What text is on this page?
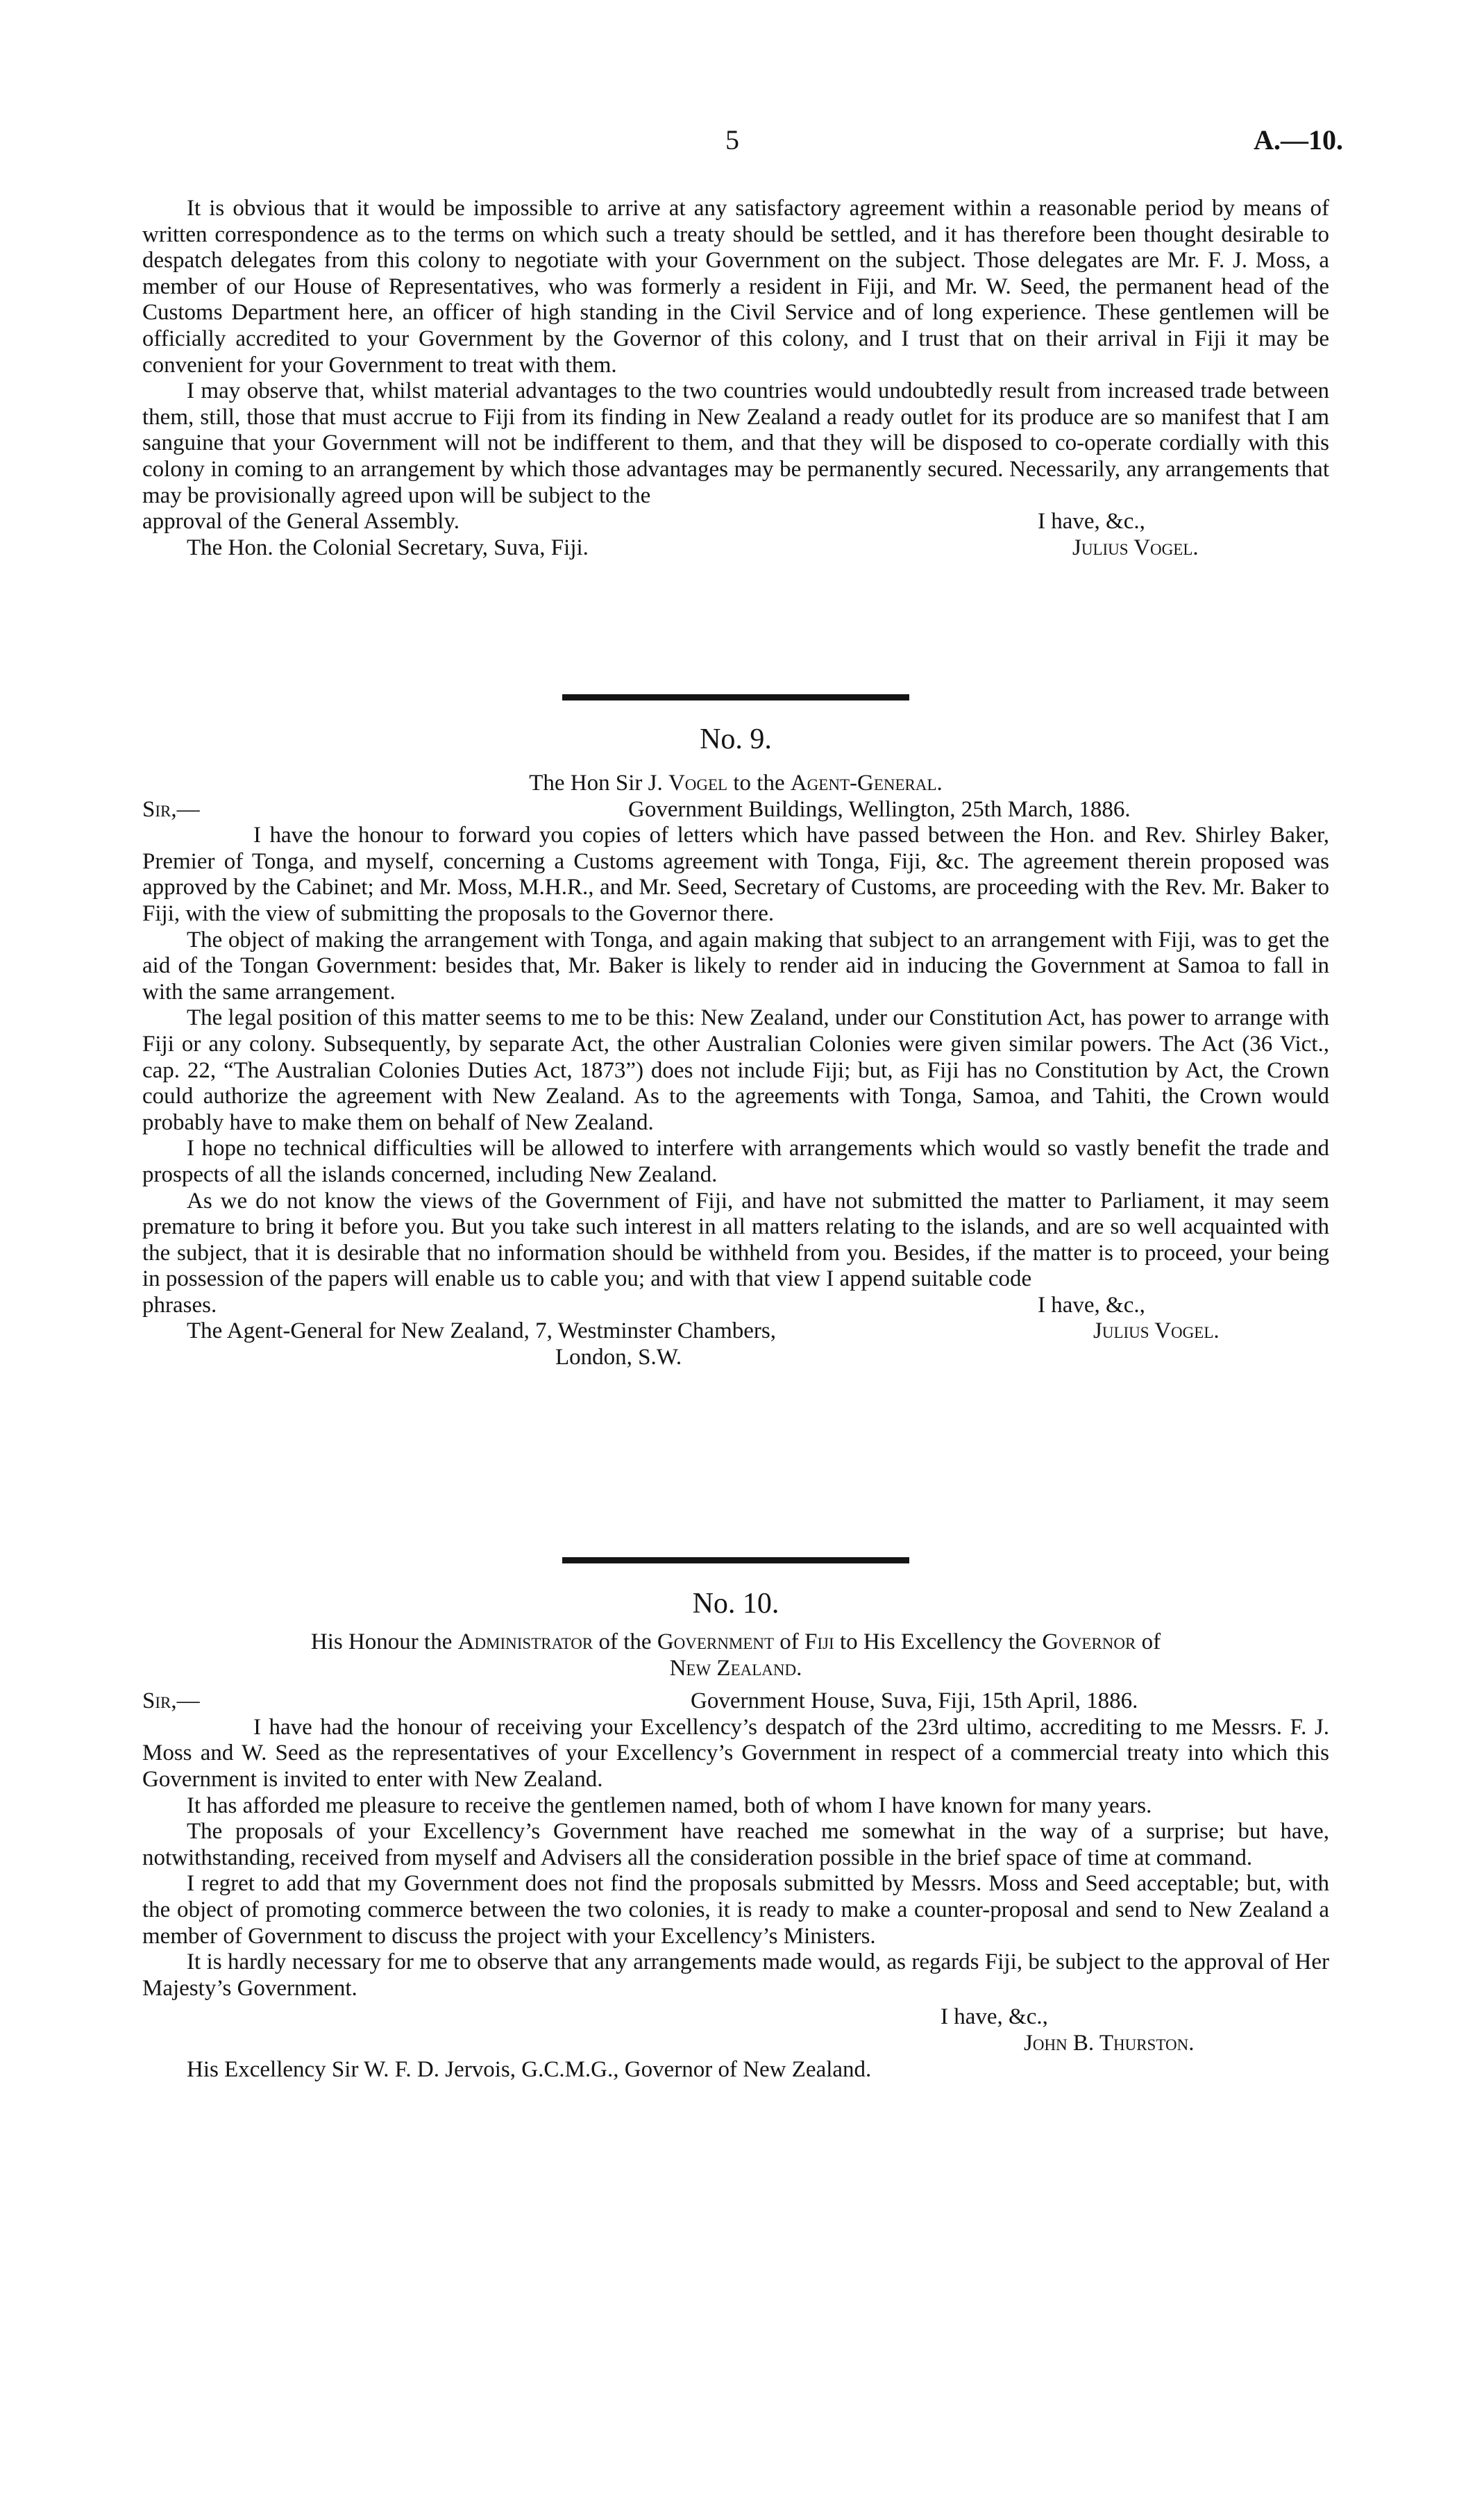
5	A.—10.

It is obvious that it would be impossible to arrive at any satisfactory agreement within a reasonable period by means of written correspondence as to the terms on which such a treaty should be settled, and it has therefore been thought desirable to despatch delegates from this colony to negotiate with your Government on the subject. Those delegates are Mr. F. J. Moss, a member of our House of Representatives, who was formerly a resident in Fiji, and Mr. W. Seed, the permanent head of the Customs Department here, an officer of high standing in the Civil Service and of long experience. These gentlemen will be officially accredited to your Government by the Governor of this colony, and I trust that on their arrival in Fiji it may be convenient for your Government to treat with them.

I may observe that, whilst material advantages to the two countries would undoubtedly result from increased trade between them, still, those that must accrue to Fiji from its finding in New Zealand a ready outlet for its produce are so manifest that I am sanguine that your Government will not be indifferent to them, and that they will be disposed to co-operate cordially with this colony in coming to an arrangement by which those advantages may be permanently secured. Necessarily, any arrangements that may be provisionally agreed upon will be subject to the

approval of the General Assembly.	I have, &c.,
The Hon. the Colonial Secretary, Suva, Fiji.	Julius Vogel.
No. 9.
The Hon Sir J. Vogel to the Agent-General.
Sir,—	Government Buildings, Wellington, 25th March, 1886.

I have the honour to forward you copies of letters which have passed between the Hon. and Rev. Shirley Baker, Premier of Tonga, and myself, concerning a Customs agreement with Tonga, Fiji, &c. The agreement therein proposed was approved by the Cabinet; and Mr. Moss, M.H.R., and Mr. Seed, Secretary of Customs, are proceeding with the Rev. Mr. Baker to Fiji, with the view of submitting the proposals to the Governor there.

The object of making the arrangement with Tonga, and again making that subject to an arrangement with Fiji, was to get the aid of the Tongan Government: besides that, Mr. Baker is likely to render aid in inducing the Government at Samoa to fall in with the same arrangement.

The legal position of this matter seems to me to be this: New Zealand, under our Constitution Act, has power to arrange with Fiji or any colony. Subsequently, by separate Act, the other Australian Colonies were given similar powers. The Act (36 Vict., cap. 22, “The Australian Colonies Duties Act, 1873”) does not include Fiji; but, as Fiji has no Constitution by Act, the Crown could authorize the agreement with New Zealand. As to the agreements with Tonga, Samoa, and Tahiti, the Crown would probably have to make them on behalf of New Zealand.

I hope no technical difficulties will be allowed to interfere with arrangements which would so vastly benefit the trade and prospects of all the islands concerned, including New Zealand.

As we do not know the views of the Government of Fiji, and have not submitted the matter to Parliament, it may seem premature to bring it before you. But you take such interest in all matters relating to the islands, and are so well acquainted with the subject, that it is desirable that no information should be withheld from you. Besides, if the matter is to proceed, your being in possession of the papers will enable us to cable you; and with that view I append suitable code

phrases.	I have, &c.,
The Agent-General for New Zealand, 7, Westminster Chambers,	Julius Vogel.
London, S.W.
No. 10.
His Honour the Administrator of the Government of Fiji to His Excellency the Governor of
New Zealand.
Sir,—	Government House, Suva, Fiji, 15th April, 1886.

I have had the honour of receiving your Excellency’s despatch of the 23rd ultimo, accrediting to me Messrs. F. J. Moss and W. Seed as the representatives of your Excellency’s Government in respect of a commercial treaty into which this Government is invited to enter with New Zealand.

It has afforded me pleasure to receive the gentlemen named, both of whom I have known for many years.

The proposals of your Excellency’s Government have reached me somewhat in the way of a surprise; but have, notwithstanding, received from myself and Advisers all the consideration possible in the brief space of time at command.

I regret to add that my Government does not find the proposals submitted by Messrs. Moss and Seed acceptable; but, with the object of promoting commerce between the two colonies, it is ready to make a counter-proposal and send to New Zealand a member of Government to discuss the project with your Excellency’s Ministers.

It is hardly necessary for me to observe that any arrangements made would, as regards Fiji, be subject to the approval of Her Majesty’s Government.

I have, &c.,
John B. Thurston.
His Excellency Sir W. F. D. Jervois, G.C.M.G., Governor of New Zealand.
